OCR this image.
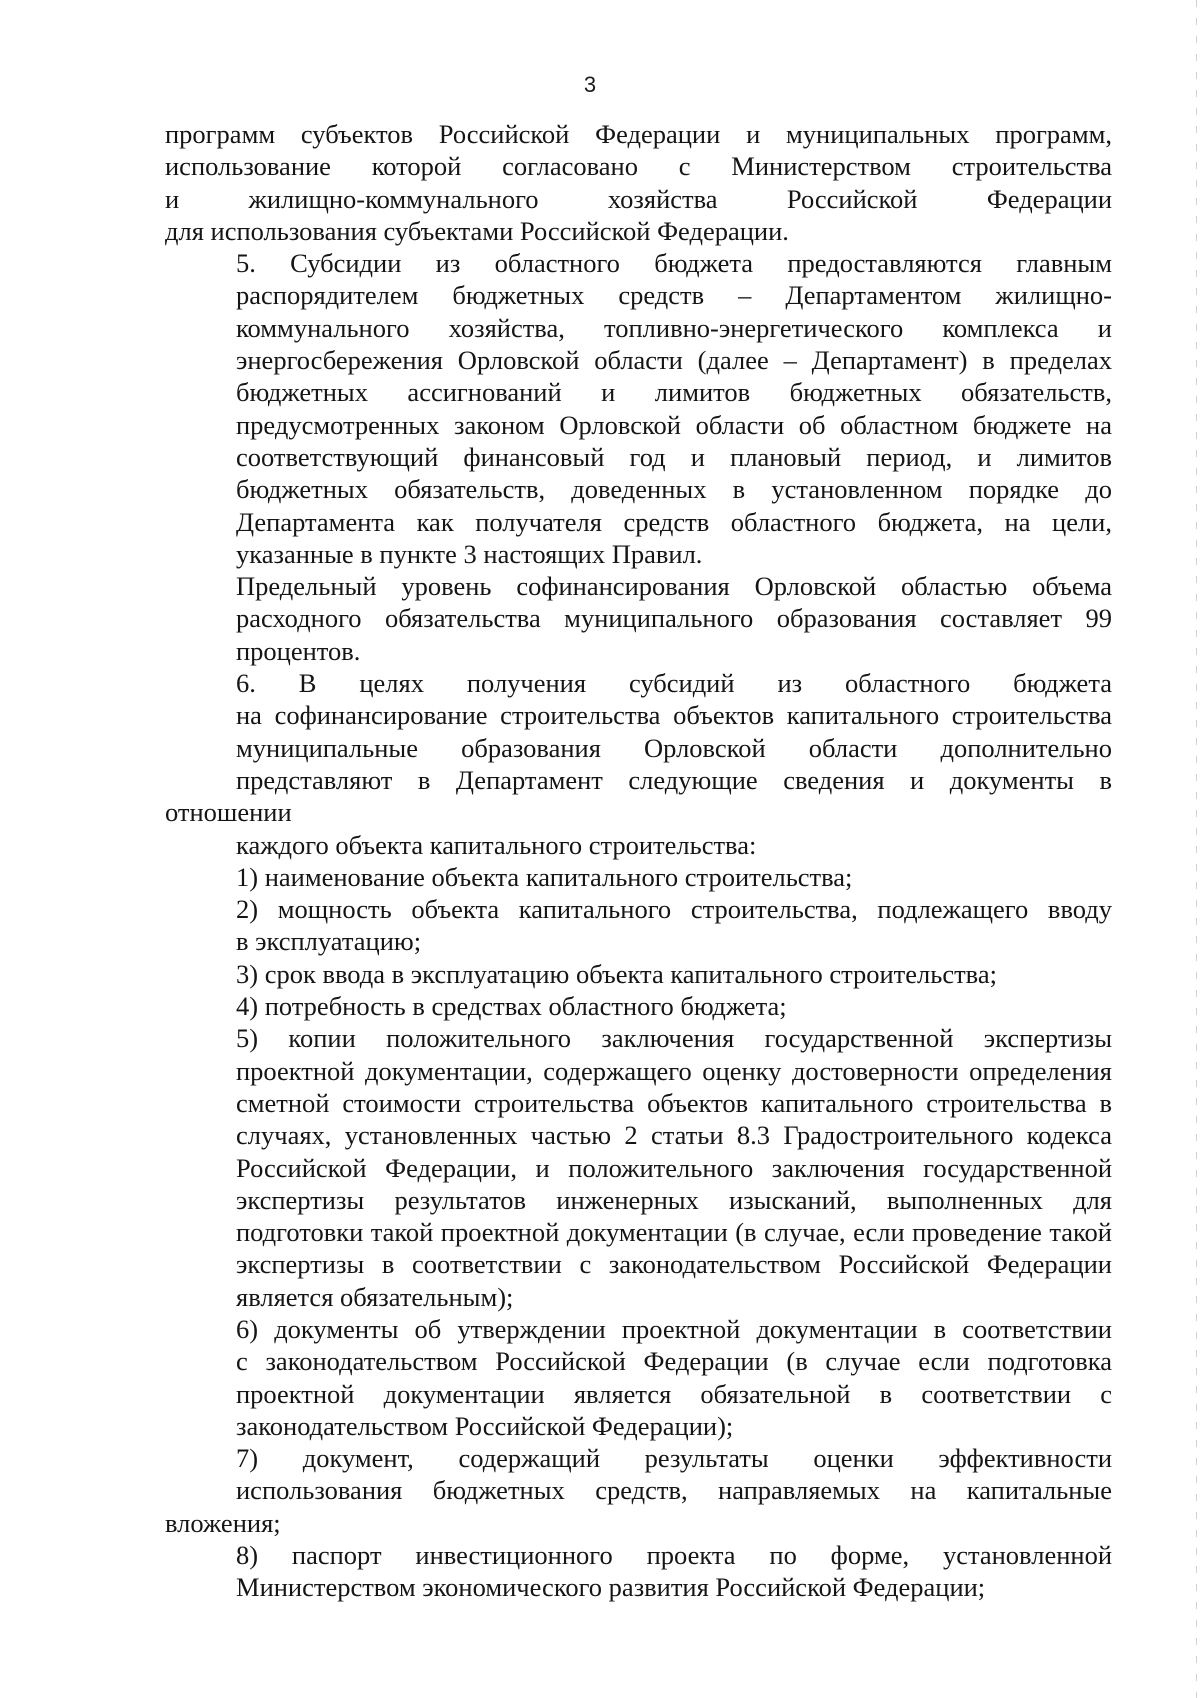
3
программ субъектов Российской Федерации и муниципальных программ,
использование которой согласовано с Министерством строительства
и жилищно-коммунального хозяйства Российской Федерации
для использования субъектами Российской Федерации.
5. Субсидии из областного бюджета предоставляются главным
распорядителем бюджетных средств – Департаментом жилищно-
коммунального хозяйства, топливно-энергетического комплекса и
энергосбережения Орловской области (далее – Департамент) в пределах
бюджетных ассигнований и лимитов бюджетных обязательств,
предусмотренных законом Орловской области об областном бюджете на
соответствующий финансовый год и плановый период, и лимитов
бюджетных обязательств, доведенных в установленном порядке до
Департамента как получателя средств областного бюджета, на цели,
указанные в пункте 3 настоящих Правил.
Предельный уровень софинансирования Орловской областью объема
расходного обязательства муниципального образования составляет 99
процентов.
6. В целях получения субсидий из областного бюджета
на софинансирование строительства объектов капитального строительства
муниципальные образования Орловской области дополнительно
представляют в Департамент следующие сведения и документы в отношении
каждого объекта капитального строительства:
1) наименование объекта капитального строительства;
2) мощность объекта капитального строительства, подлежащего вводу
в эксплуатацию;
3) срок ввода в эксплуатацию объекта капитального строительства;
4) потребность в средствах областного бюджета;
5) копии положительного заключения государственной экспертизы
проектной документации, содержащего оценку достоверности определения
сметной стоимости строительства объектов капитального строительства в
случаях, установленных частью 2 статьи 8.3 Градостроительного кодекса
Российской Федерации, и положительного заключения государственной
экспертизы результатов инженерных изысканий, выполненных для
подготовки такой проектной документации (в случае, если проведение такой
экспертизы в соответствии с законодательством Российской Федерации
является обязательным);
6) документы об утверждении проектной документации в соответствии
с законодательством Российской Федерации (в случае если подготовка
проектной документации является обязательной в соответствии с
законодательством Российской Федерации);
7) документ, содержащий результаты оценки эффективности
использования бюджетных средств, направляемых на капитальные вложения;
8) паспорт инвестиционного проекта по форме, установленной
Министерством экономического развития Российской Федерации;
